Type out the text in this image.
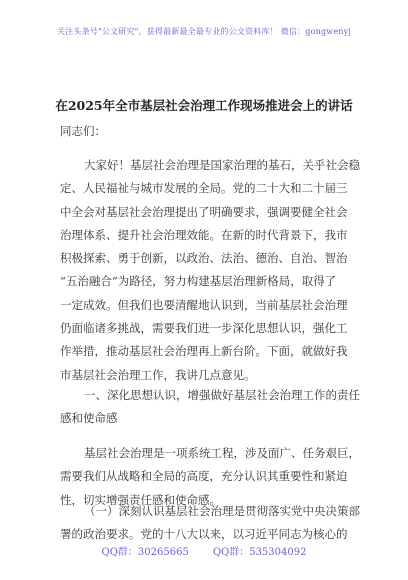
关注头条号"公文研究"，获得最新最全最专业的公文资料库！ 微信：gongwenyj
在2025年全市基层社会治理工作现场推进会上的讲话

同志们：

大家好！基层社会治理是国家治理的基石，关乎社会稳
定、人民福祉与城市发展的全局。党的二十大和二十届三
中全会对基层社会治理提出了明确要求，强调要健全社会
治理体系、提升社会治理效能。在新的时代背景下，我市
积极探索、勇于创新，以政治、法治、德治、自治、智治
“五治融合”为路径，努力构建基层治理新格局，取得了
一定成效。但我们也要清醒地认识到，当前基层社会治理
仍面临诸多挑战，需要我们进一步深化思想认识，强化工
作举措，推动基层社会治理再上新台阶。下面，就做好我
市基层社会治理工作，我讲几点意见。

一、深化思想认识，增强做好基层社会治理工作的责任
感和使命感

基层社会治理是一项系统工程，涉及面广、任务艰巨，
需要我们从战略和全局的高度，充分认识其重要性和紧迫
性，切实增强责任感和使命感。

（一）深刻认识基层社会治理是贯彻落实党中央决策部
署的政治要求。党的十八大以来，以习近平同志为核心的

QQ群：30265665 QQ群：535304092
